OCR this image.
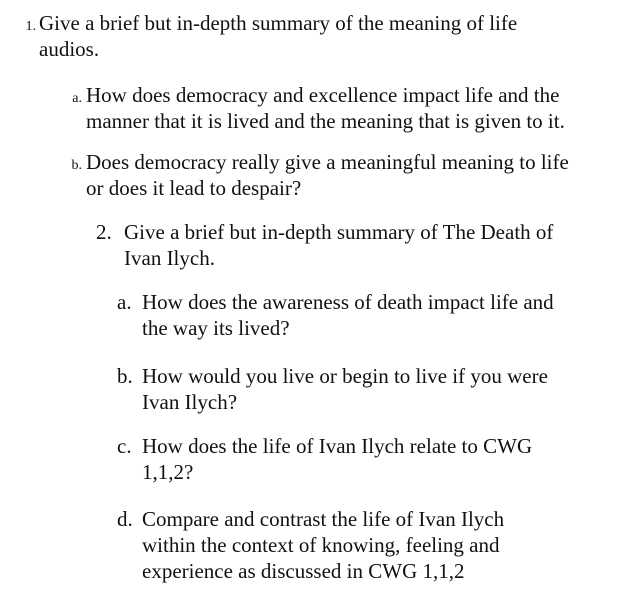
1. Give a brief but in-depth summary of the meaning of life
audios.
a. How does democracy and excellence impact life and the
manner that it is lived and the meaning that is given to it.
b. Does democracy really give a meaningful meaning to life
or does it lead to despair?
2. Give a brief but in-depth summary of The Death of
Ivan Ilych.
a. How does the awareness of death impact life and
the way its lived?
b. How would you live or begin to live if you were
Ivan Ilych?
c. How does the life of Ivan Ilych relate to CWG
1,1,2?
d. Compare and contrast the life of Ivan Ilych
within the context of knowing, feeling and
experience as discussed in CWG 1,1,2
